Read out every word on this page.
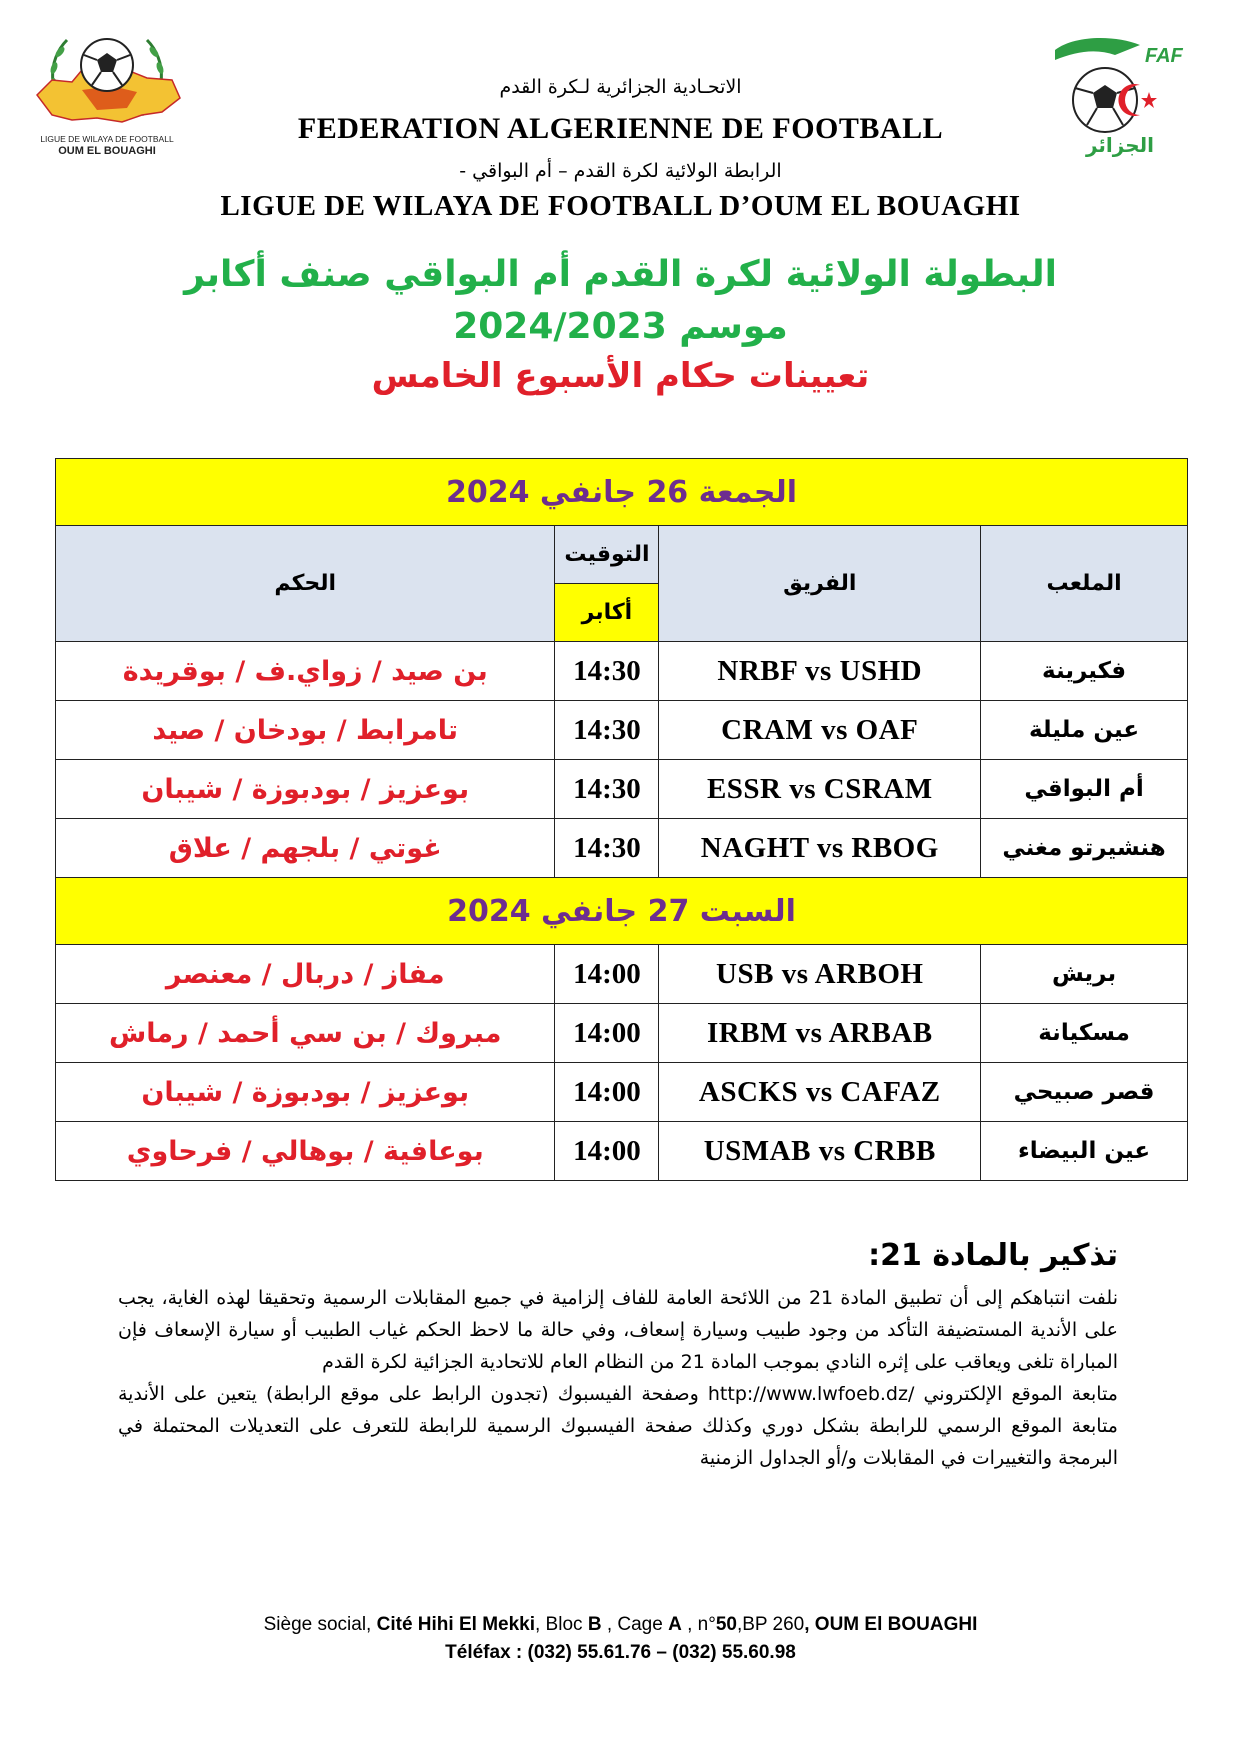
LIGUE DE WILAYA DE FOOTBALL
OUM EL BOUAGHI
FAF
الجزائر
الاتحـادية الجزائرية لـكرة القدم
FEDERATION ALGERIENNE DE FOOTBALL
الرابطة الولائية لكرة القدم – أم البواقي -
LIGUE DE WILAYA DE FOOTBALL D’OUM EL BOUAGHI
البطولة الولائية لكرة القدم أم البواقي صنف أكابر
موسم 2024/2023
تعيينات حكام الأسبوع الخامس
الجمعة 26 جانفي 2024			
الحكم	التوقيت	الفريق	الملعب
	أكابر		
بن صيد / زواي.ف / بوقريدة	14:30	NRBF vs USHD	فكيرينة
تامرابط / بودخان / صيد	14:30	CRAM vs OAF	عين مليلة
بوعزيز / بودبوزة / شيبان	14:30	ESSR vs CSRAM	أم البواقي
غوتي / بلجهم / علاق	14:30	NAGHT vs RBOG	هنشيرتو مغني
السبت 27 جانفي 2024			
مفاز / دربال / معنصر	14:00	USB vs ARBOH	بريش
مبروك / بن سي أحمد / رماش	14:00	IRBM vs ARBAB	مسكيانة
بوعزيز / بودبوزة / شيبان	14:00	ASCKS vs CAFAZ	قصر صبيحي
بوعافية / بوهالي / فرحاوي	14:00	USMAB vs CRBB	عين البيضاء
تذكير بالمادة 21:

نلفت انتباهكم إلى أن تطبيق المادة 21 من اللائحة العامة للفاف إلزامية في جميع المقابلات الرسمية وتحقيقا لهذه الغاية، يجب على الأندية المستضيفة التأكد من وجود طبيب وسيارة إسعاف، وفي حالة ما لاحظ الحكم غياب الطبيب أو سيارة الإسعاف فإن المباراة تلغى ويعاقب على إثره النادي بموجب المادة 21 من النظام العام للاتحادية الجزائية لكرة القدم

متابعة الموقع الإلكتروني /http://www.lwfoeb.dz وصفحة الفيسبوك (تجدون الرابط على موقع الرابطة) يتعين على الأندية متابعة الموقع الرسمي للرابطة بشكل دوري وكذلك صفحة الفيسبوك الرسمية للرابطة للتعرف على التعديلات المحتملة في البرمجة والتغييرات في المقابلات و/أو الجداول الزمنية

Siège social, Cité Hihi El Mekki, Bloc B , Cage A , n°50,BP 260, OUM El BOUAGHI
Téléfax : (032) 55.61.76 – (032) 55.60.98
